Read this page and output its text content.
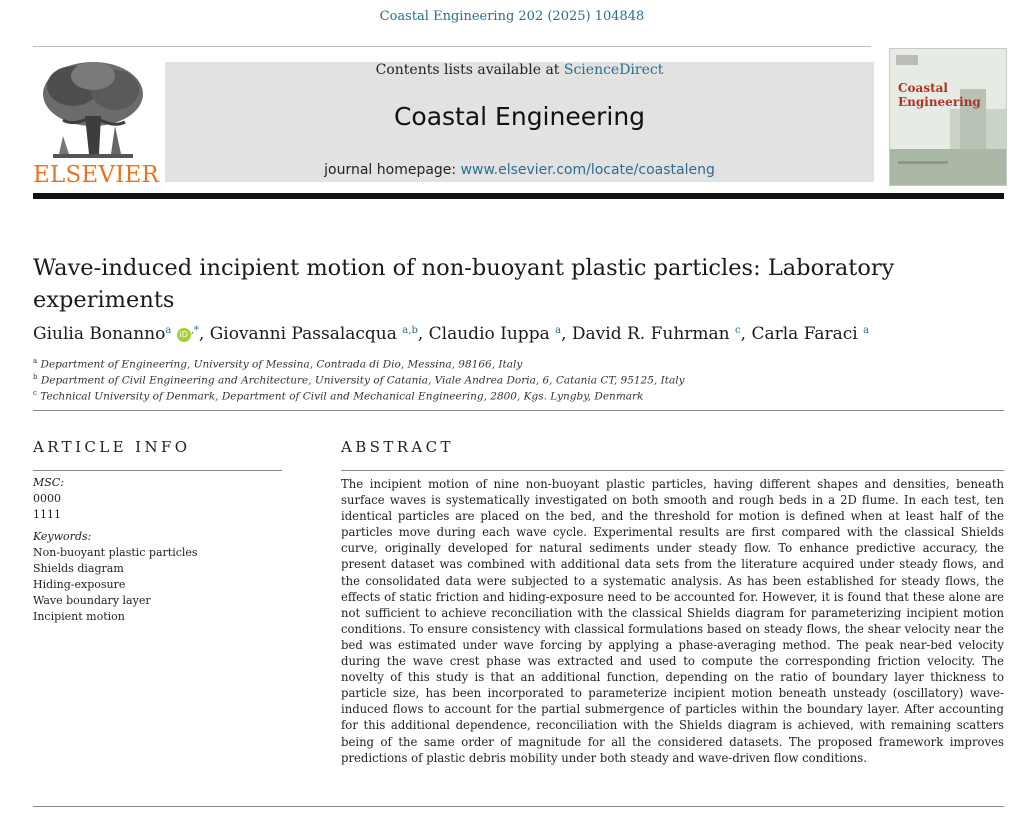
Coastal Engineering 202 (2025) 104848
ELSEVIER
Contents lists available at ScienceDirect
Coastal Engineering
journal homepage: www.elsevier.com/locate/coastaleng
Coastal Engineering
Wave-induced incipient motion of non-buoyant plastic particles: Laboratory
experiments
Giulia Bonanno$^a$ iD ,*, Giovanni Passalacqua $^{a,b}$, Claudio Iuppa $^a$, David R. Fuhrman $^c$, Carla Faraci $^a$
$^a$ Department of Engineering, University of Messina, Contrada di Dio, Messina, 98166, Italy
$^b$ Department of Civil Engineering and Architecture, University of Catania, Viale Andrea Doria, 6, Catania CT, 95125, Italy
$^c$ Technical University of Denmark, Department of Civil and Mechanical Engineering, 2800, Kgs. Lyngby, Denmark
ARTICLE INFO
MSC:
0000
1111
Keywords:
Non-buoyant plastic particles
Shields diagram
Hiding-exposure
Wave boundary layer
Incipient motion
ABSTRACT
The incipient motion of nine non-buoyant plastic particles, having different shapes and densities, beneath surface waves is systematically investigated on both smooth and rough beds in a 2D flume. In each test, ten identical particles are placed on the bed, and the threshold for motion is defined when at least half of the particles move during each wave cycle. Experimental results are first compared with the classical Shields curve, originally developed for natural sediments under steady flow. To enhance predictive accuracy, the present dataset was combined with additional data sets from the literature acquired under steady flows, and the consolidated data were subjected to a systematic analysis. As has been established for steady flows, the effects of static friction and hiding-exposure need to be accounted for. However, it is found that these alone are not sufficient to achieve reconciliation with the classical Shields diagram for parameterizing incipient motion conditions. To ensure consistency with classical formulations based on steady flows, the shear velocity near the bed was estimated under wave forcing by applying a phase-averaging method. The peak near-bed velocity during the wave crest phase was extracted and used to compute the corresponding friction velocity. The novelty of this study is that an additional function, depending on the ratio of boundary layer thickness to particle size, has been incorporated to parameterize incipient motion beneath unsteady (oscillatory) wave-induced flows to account for the partial submergence of particles within the boundary layer. After accounting for this additional dependence, reconciliation with the Shields diagram is achieved, with remaining scatters being of the same order of magnitude for all the considered datasets. The proposed framework improves predictions of plastic debris mobility under both steady and wave-driven flow conditions.
